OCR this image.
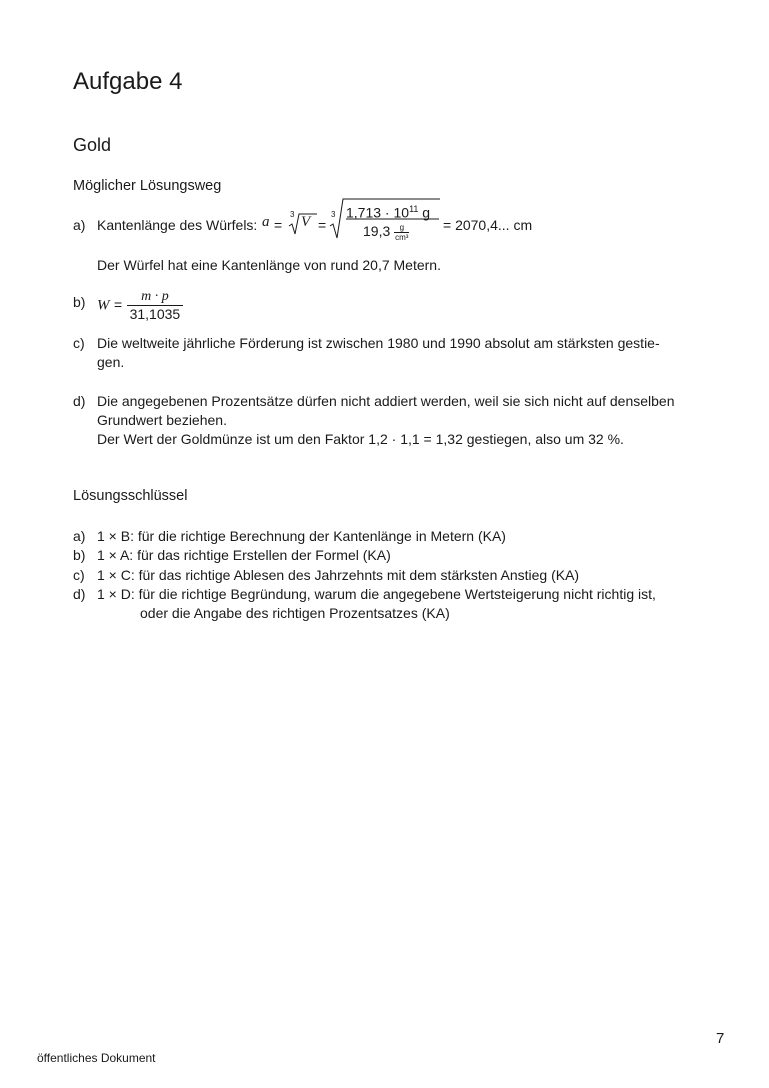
Aufgabe 4
Gold
Möglicher Lösungsweg
a) Kantenlänge des Würfels: a =
3 V =
3 $1,713 \cdot 10^{11}$ g
$19,3 \frac{g}{\text{cm³}} = 2070,4$... cm
Der Würfel hat eine Kantenlänge von rund 20,7 Metern.
b) $W = \frac{m \cdot p}{31,1035}$
c) Die weltweite jährliche Förderung ist zwischen 1980 und 1990 absolut am stärksten gestie-
gen.
d) Die angegebenen Prozentsätze dürfen nicht addiert werden, weil sie sich nicht auf denselben
Grundwert beziehen.
Der Wert der Goldmünze ist um den Faktor 1,2 · 1,1 = 1,32 gestiegen, also um 32 %.
Lösungsschlüssel
a) 1 × B: für die richtige Berechnung der Kantenlänge in Metern (KA)
b) 1 × A: für das richtige Erstellen der Formel (KA)
c) 1 × C: für das richtige Ablesen des Jahrzehnts mit dem stärksten Anstieg (KA)
d) 1 × D: für die richtige Begründung, warum die angegebene Wertsteigerung nicht richtig ist,
oder die Angabe des richtigen Prozentsatzes (KA)
7
öffentliches Dokument
